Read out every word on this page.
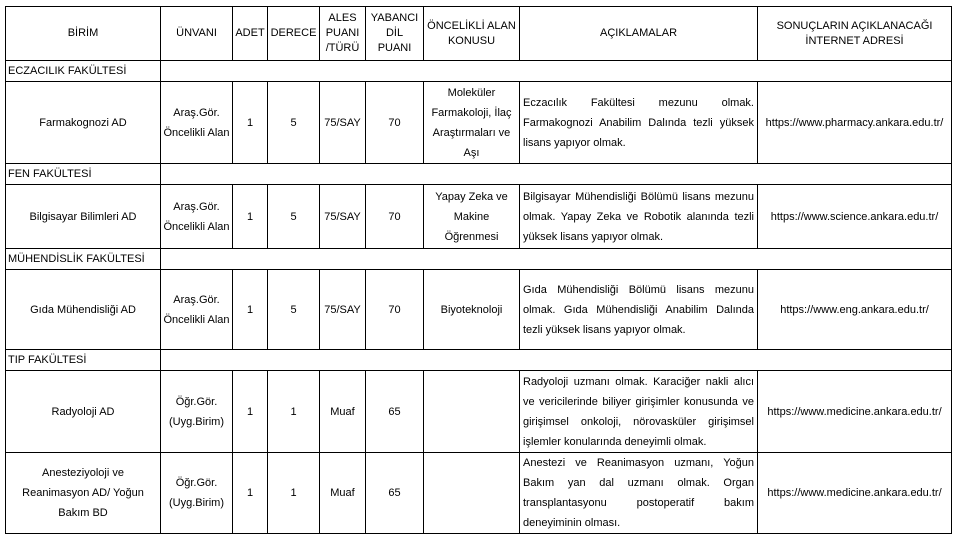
BİRİM	ÜNVANI	ADET	DERECE	ALES PUANI /TÜRÜ	YABANCI DİL PUANI	ÖNCELİKLİ ALAN KONUSU	AÇIKLAMALAR	SONUÇLARIN AÇIKLANACAĞI İNTERNET ADRESİ
ECZACILIK FAKÜLTESİ								
Farmakognozi AD	Araş.Gör. Öncelikli Alan	1	5	75/SAY	70	Moleküler Farmakoloji, İlaç Araştırmaları ve Aşı	Eczacılık Fakültesi mezunu olmak. Farmakognozi Anabilim Dalında tezli yüksek lisans yapıyor olmak.	https://www.pharmacy.ankara.edu.tr/
FEN FAKÜLTESİ								
Bilgisayar Bilimleri AD	Araş.Gör. Öncelikli Alan	1	5	75/SAY	70	Yapay Zeka ve Makine Öğrenmesi	Bilgisayar Mühendisliği Bölümü lisans mezunu olmak. Yapay Zeka ve Robotik alanında tezli yüksek lisans yapıyor olmak.	https://www.science.ankara.edu.tr/
MÜHENDİSLİK FAKÜLTESİ								
Gıda Mühendisliği AD	Araş.Gör. Öncelikli Alan	1	5	75/SAY	70	Biyoteknoloji	Gıda Mühendisliği Bölümü lisans mezunu olmak. Gıda Mühendisliği Anabilim Dalında tezli yüksek lisans yapıyor olmak.	https://www.eng.ankara.edu.tr/
TIP FAKÜLTESİ								
Radyoloji AD	Öğr.Gör. (Uyg.Birim)	1	1	Muaf	65		Radyoloji uzmanı olmak. Karaciğer nakli alıcı ve vericilerinde biliyer girişimler konusunda ve girişimsel onkoloji, nörovasküler girişimsel işlemler konularında deneyimli olmak.	https://www.medicine.ankara.edu.tr/
Anesteziyoloji ve Reanimasyon AD/ Yoğun Bakım BD	Öğr.Gör. (Uyg.Birim)	1	1	Muaf	65		Anestezi ve Reanimasyon uzmanı, Yoğun Bakım yan dal uzmanı olmak. Organ transplantasyonu postoperatif bakım deneyiminin olması.	https://www.medicine.ankara.edu.tr/
